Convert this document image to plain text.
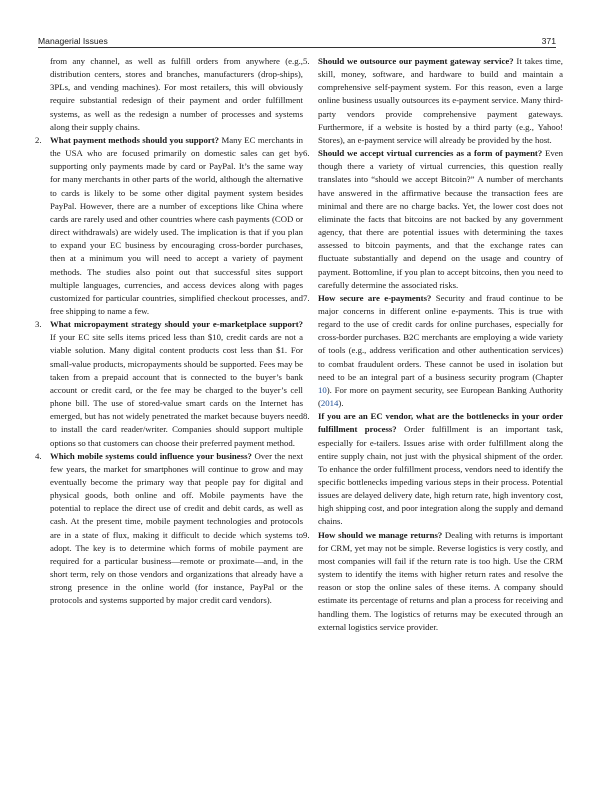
Managerial Issues	371

from any channel, as well as fulfill orders from anywhere (e.g., distribution centers, stores and branches, manufacturers (drop-ships), 3PLs, and vending machines). For most retailers, this will obviously require substantial redesign of their payment and order fulfillment systems, as well as the redesign a number of processes and systems along their supply chains.

2. What payment methods should you support? Many EC merchants in the USA who are focused primarily on domestic sales can get by supporting only payments made by card or PayPal. It’s the same way for many merchants in other parts of the world, although the alternative to cards is likely to be some other digital payment system besides PayPal. However, there are a number of exceptions like China where cards are rarely used and other countries where cash payments (COD or direct withdrawals) are widely used. The implication is that if you plan to expand your EC business by encouraging cross-border purchases, then at a minimum you will need to accept a variety of payment methods. The studies also point out that successful sites support multiple languages, currencies, and access devices along with pages customized for particular countries, simplified checkout processes, and free shipping to name a few.
3. What micropayment strategy should your e-marketplace support? If your EC site sells items priced less than $10, credit cards are not a viable solution. Many digital content products cost less than $1. For small-value products, micropayments should be supported. Fees may be taken from a prepaid account that is connected to the buyer’s bank account or credit card, or the fee may be charged to the buyer’s cell phone bill. The use of stored-value smart cards on the Internet has emerged, but has not widely penetrated the market because buyers need to install the card reader/writer. Companies should support multiple options so that customers can choose their preferred payment method.
4. Which mobile systems could influence your business? Over the next few years, the market for smartphones will continue to grow and may eventually become the primary way that people pay for digital and physical goods, both online and off. Mobile payments have the potential to replace the direct use of credit and debit cards, as well as cash. At the present time, mobile payment technologies and protocols are in a state of flux, making it difficult to decide which systems to adopt. The key is to determine which forms of mobile payment are required for a particular business—remote or proximate—and, in the short term, rely on those vendors and organizations that already have a strong presence in the online world (for instance, PayPal or the protocols and systems supported by major credit card vendors).
5. Should we outsource our payment gateway service? It takes time, skill, money, software, and hardware to build and maintain a comprehensive self-payment system. For this reason, even a large online business usually outsources its e-payment service. Many third-party vendors provide comprehensive payment gateways. Furthermore, if a website is hosted by a third party (e.g., Yahoo! Stores), an e-payment service will already be provided by the host.
6. Should we accept virtual currencies as a form of payment? Even though there a variety of virtual currencies, this question really translates into “should we accept Bitcoin?” A number of merchants have answered in the affirmative because the transaction fees are minimal and there are no charge backs. Yet, the lower cost does not eliminate the facts that bitcoins are not backed by any government agency, that there are potential issues with determining the taxes assessed to bitcoin payments, and that the exchange rates can fluctuate substantially and depend on the usage and country of payment. Bottomline, if you plan to accept bitcoins, then you need to carefully determine the associated risks.
7. How secure are e-payments? Security and fraud continue to be major concerns in different online e-payments. This is true with regard to the use of credit cards for online purchases, especially for cross-border purchases. B2C merchants are employing a wide variety of tools (e.g., address verification and other authentication services) to combat fraudulent orders. These cannot be used in isolation but need to be an integral part of a business security program (Chapter 10). For more on payment security, see European Banking Authority (2014).
8. If you are an EC vendor, what are the bottlenecks in your order fulfillment process? Order fulfillment is an important task, especially for e-tailers. Issues arise with order fulfillment along the entire supply chain, not just with the physical shipment of the order. To enhance the order fulfillment process, vendors need to identify the specific bottlenecks impeding various steps in their process. Potential issues are delayed delivery date, high return rate, high inventory cost, high shipping cost, and poor integration along the supply and demand chains.
9. How should we manage returns? Dealing with returns is important for CRM, yet may not be simple. Reverse logistics is very costly, and most companies will fail if the return rate is too high. Use the CRM system to identify the items with higher return rates and resolve the reason or stop the online sales of these items. A company should estimate its percentage of returns and plan a process for receiving and handling them. The logistics of returns may be executed through an external logistics service provider.
